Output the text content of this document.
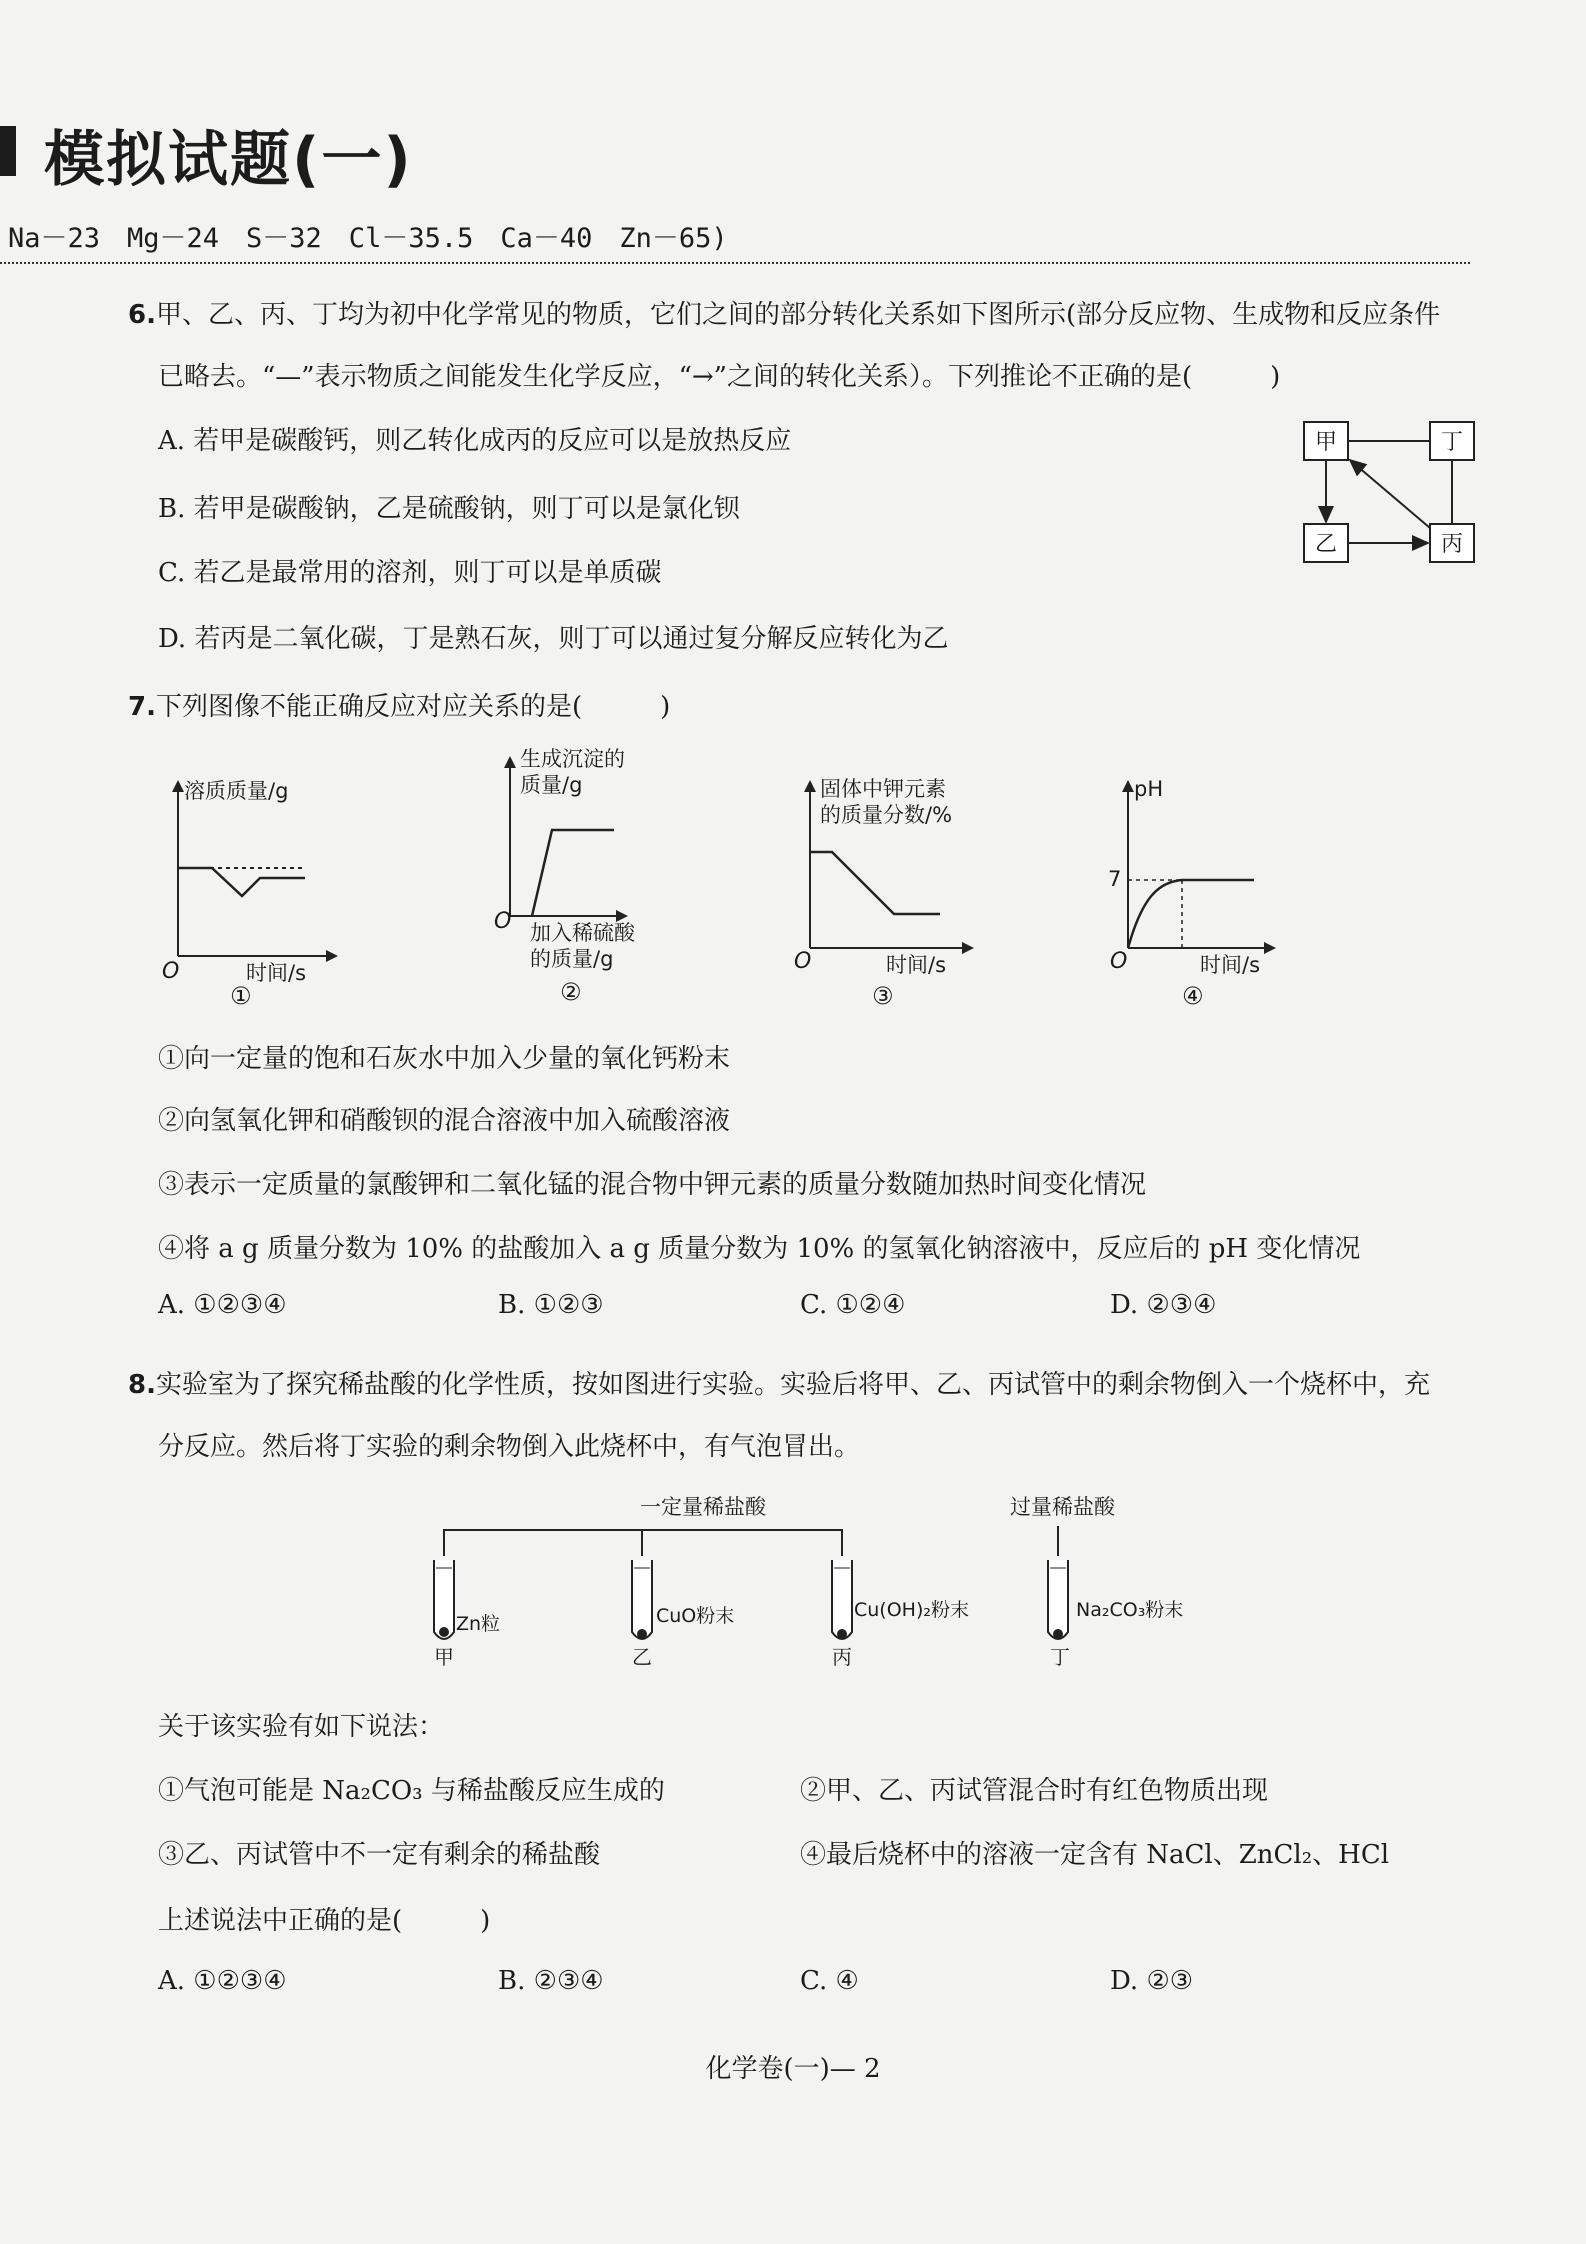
模拟试题(一)
Na－23　Mg－24　S－32　Cl－35.5　Ca－40　Zn－65)
6.甲、乙、丙、丁均为初中化学常见的物质，它们之间的部分转化关系如下图所示(部分反应物、生成物和反应条件
已略去。“—”表示物质之间能发生化学反应，“→”之间的转化关系）。下列推论不正确的是(　　　)
A. 若甲是碳酸钙，则乙转化成丙的反应可以是放热反应
B. 若甲是碳酸钠，乙是硫酸钠，则丁可以是氯化钡
C. 若乙是最常用的溶剂，则丁可以是单质碳
D. 若丙是二氧化碳，丁是熟石灰，则丁可以通过复分解反应转化为乙
甲	丁
乙	丙
7.下列图像不能正确反应对应关系的是(　　　)
溶质质量/g
O	时间/s
①
生成沉淀的
质量/g
O 加入稀硫酸
的质量/g
②
固体中钾元素
的质量分数/%
O	时间/s
③
pH
7
O	时间/s
④
①向一定量的饱和石灰水中加入少量的氧化钙粉末
②向氢氧化钾和硝酸钡的混合溶液中加入硫酸溶液
③表示一定质量的氯酸钾和二氧化锰的混合物中钾元素的质量分数随加热时间变化情况
④将 a g 质量分数为 10% 的盐酸加入 a g 质量分数为 10% 的氢氧化钠溶液中，反应后的 pH 变化情况
A. ①②③④	B. ①②③	C. ①②④	D. ②③④
8.实验室为了探究稀盐酸的化学性质，按如图进行实验。实验后将甲、乙、丙试管中的剩余物倒入一个烧杯中，充
分反应。然后将丁实验的剩余物倒入此烧杯中，有气泡冒出。
一定量稀盐酸	过量稀盐酸
Zn粒
甲
CuO粉末
乙
Cu(OH)₂粉末
丙
Na₂CO₃粉末
丁
关于该实验有如下说法：
①气泡可能是 Na₂CO₃ 与稀盐酸反应生成的	②甲、乙、丙试管混合时有红色物质出现
③乙、丙试管中不一定有剩余的稀盐酸	④最后烧杯中的溶液一定含有 NaCl、ZnCl₂、HCl
上述说法中正确的是(　　　)
A. ①②③④	B. ②③④	C. ④	D. ②③
化学卷(一)— 2
